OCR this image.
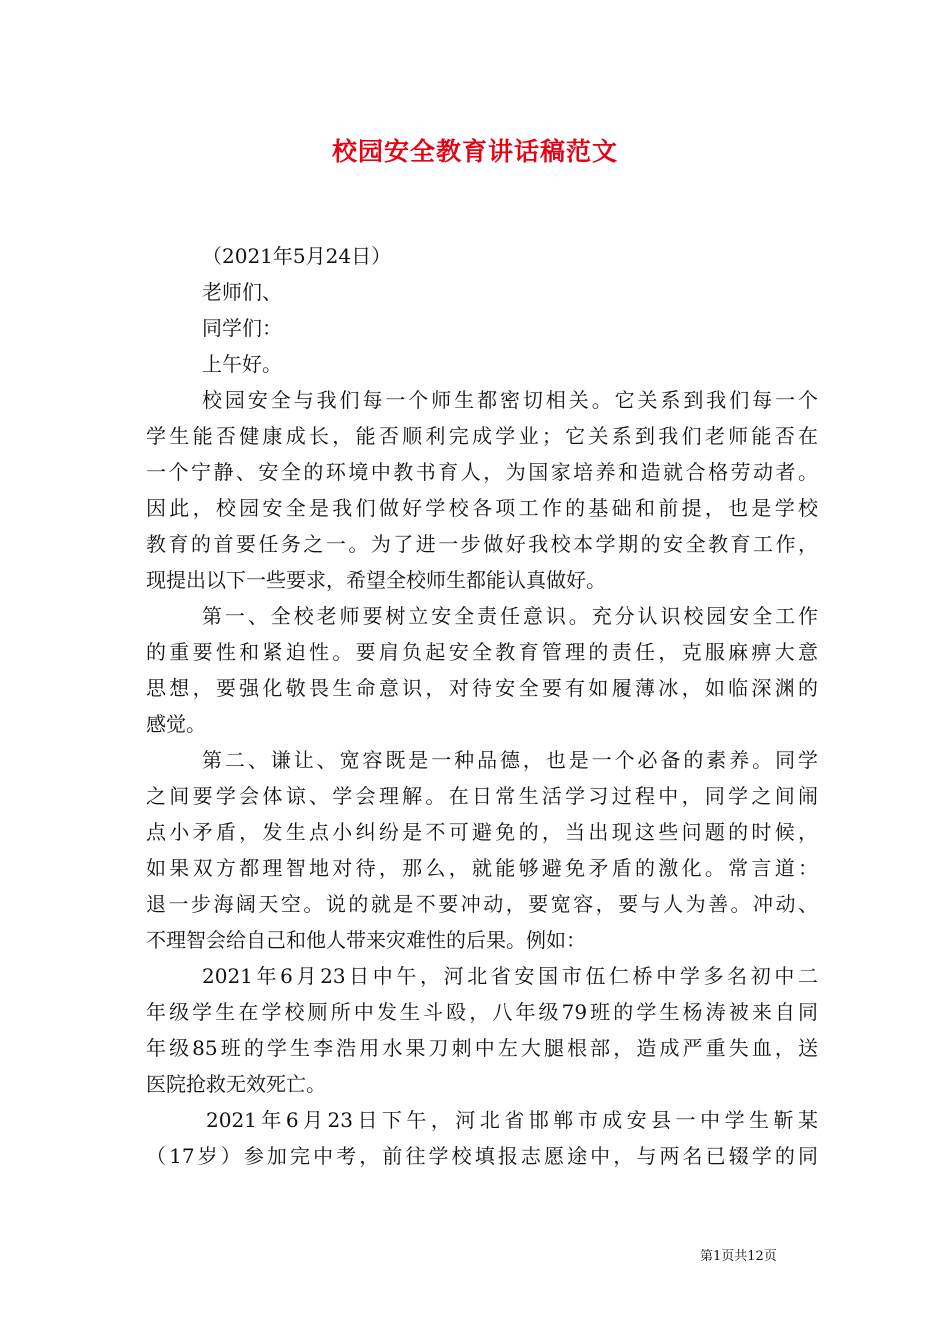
校园安全教育讲话稿范文
（2021年5月24日）
老师们、
同学们：
上午好。
校园安全与我们每一个师生都密切相关。它关系到我们每一个
学生能否健康成长，能否顺利完成学业；它关系到我们老师能否在
一个宁静、安全的环境中教书育人，为国家培养和造就合格劳动者。
因此，校园安全是我们做好学校各项工作的基础和前提，也是学校
教育的首要任务之一。为了进一步做好我校本学期的安全教育工作，
现提出以下一些要求，希望全校师生都能认真做好。
第一、全校老师要树立安全责任意识。充分认识校园安全工作
的重要性和紧迫性。要肩负起安全教育管理的责任，克服麻痹大意
思想，要强化敬畏生命意识，对待安全要有如履薄冰，如临深渊的
感觉。
第二、谦让、宽容既是一种品德，也是一个必备的素养。同学
之间要学会体谅、学会理解。在日常生活学习过程中，同学之间闹
点小矛盾，发生点小纠纷是不可避免的，当出现这些问题的时候，
如果双方都理智地对待，那么，就能够避免矛盾的激化。常言道：
退一步海阔天空。说的就是不要冲动，要宽容，要与人为善。冲动、
不理智会给自己和他人带来灾难性的后果。例如：
2021年6月23日中午，河北省安国市伍仁桥中学多名初中二
年级学生在学校厕所中发生斗殴，八年级79班的学生杨涛被来自同
年级85班的学生李浩用水果刀刺中左大腿根部，造成严重失血，送
医院抢救无效死亡。
2021年6月23日下午，河北省邯郸市成安县一中学生靳某
（17岁）参加完中考，前往学校填报志愿途中，与两名已辍学的同
第1页共12页
